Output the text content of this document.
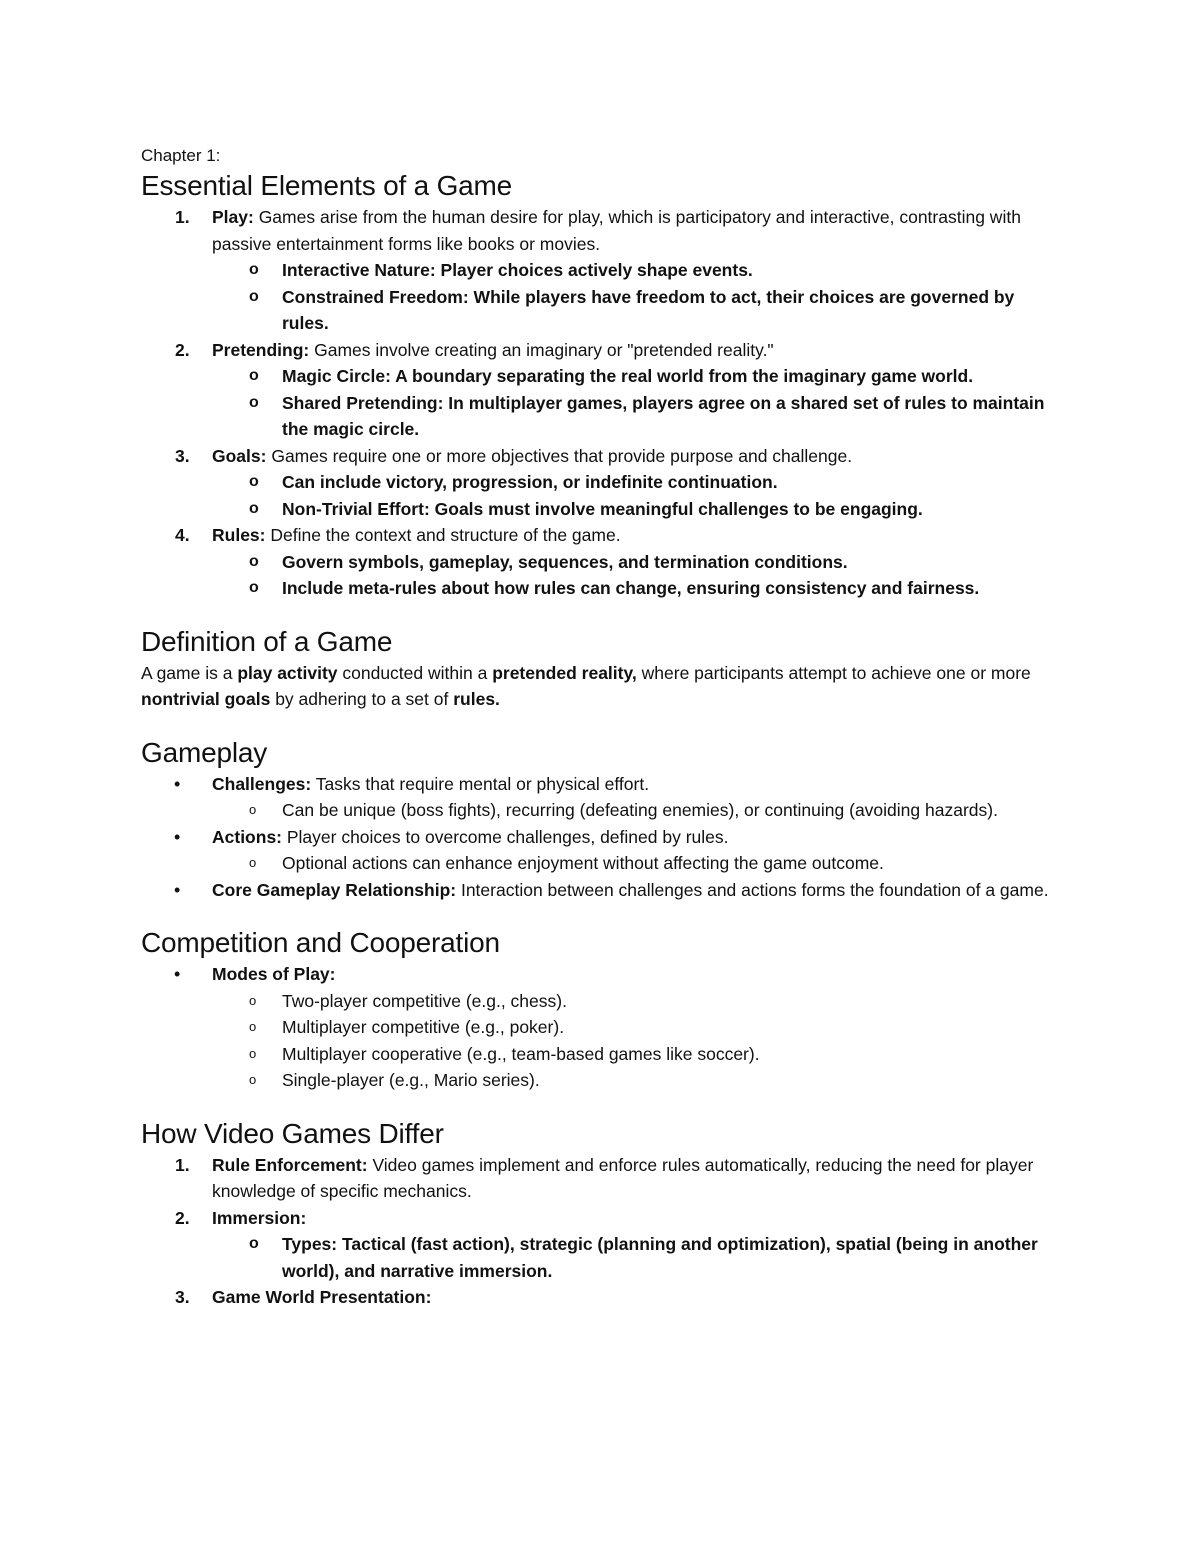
Chapter 1:

Essential Elements of a Game
1. Play: Games arise from the human desire for play, which is participatory and interactive, contrasting with passive entertainment forms like books or movies.
o Interactive Nature: Player choices actively shape events.
o Constrained Freedom: While players have freedom to act, their choices are governed by rules.
2. Pretending: Games involve creating an imaginary or "pretended reality."
o Magic Circle: A boundary separating the real world from the imaginary game world.
o Shared Pretending: In multiplayer games, players agree on a shared set of rules to maintain the magic circle.
3. Goals: Games require one or more objectives that provide purpose and challenge.
o Can include victory, progression, or indefinite continuation.
o Non-Trivial Effort: Goals must involve meaningful challenges to be engaging.
4. Rules: Define the context and structure of the game.
o Govern symbols, gameplay, sequences, and termination conditions.
o Include meta-rules about how rules can change, ensuring consistency and fairness.
Definition of a Game

A game is a play activity conducted within a pretended reality, where participants attempt to achieve one or more nontrivial goals by adhering to a set of rules.

Gameplay
• Challenges: Tasks that require mental or physical effort.
o Can be unique (boss fights), recurring (defeating enemies), or continuing (avoiding hazards).
• Actions: Player choices to overcome challenges, defined by rules.
o Optional actions can enhance enjoyment without affecting the game outcome.
• Core Gameplay Relationship: Interaction between challenges and actions forms the foundation of a game.
Competition and Cooperation
• Modes of Play:
o Two-player competitive (e.g., chess).
o Multiplayer competitive (e.g., poker).
o Multiplayer cooperative (e.g., team-based games like soccer).
o Single-player (e.g., Mario series).
How Video Games Differ
1. Rule Enforcement: Video games implement and enforce rules automatically, reducing the need for player knowledge of specific mechanics.
2. Immersion:
o Types: Tactical (fast action), strategic (planning and optimization), spatial (being in another world), and narrative immersion.
3. Game World Presentation:
